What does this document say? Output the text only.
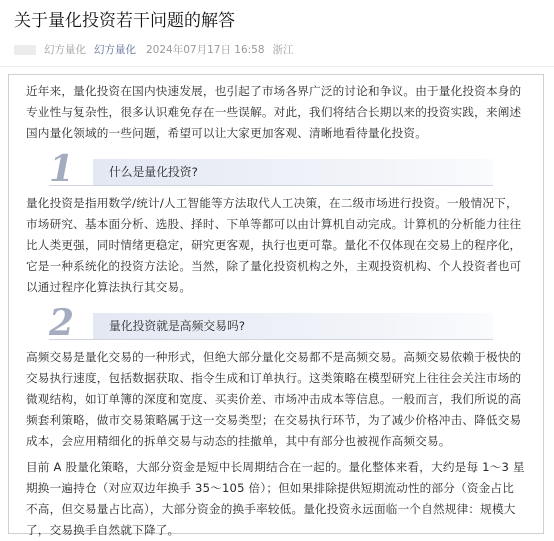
关于量化投资若干问题的解答
幻方量化 幻方量化 2024年07月17日 16:58 浙江

近年来，量化投资在国内快速发展，也引起了市场各界广泛的讨论和争议。由于量化投资本身的
专业性与复杂性，很多认识难免存在一些误解。对此，我们将结合长期以来的投资实践，来阐述
国内量化领域的一些问题，希望可以让大家更加客观、清晰地看待量化投资。

1	什么是量化投资?

量化投资是指用数学/统计/人工智能等方法取代人工决策，在二级市场进行投资。一般情况下，
市场研究、基本面分析、选股、择时、下单等都可以由计算机自动完成。计算机的分析能力往往
比人类更强，同时情绪更稳定，研究更客观，执行也更可靠。量化不仅体现在交易上的程序化，
它是一种系统化的投资方法论。当然，除了量化投资机构之外，主观投资机构、个人投资者也可
以通过程序化算法执行其交易。

2	量化投资就是高频交易吗?

高频交易是量化交易的一种形式，但绝大部分量化交易都不是高频交易。高频交易依赖于极快的
交易执行速度，包括数据获取、指令生成和订单执行。这类策略在模型研究上往往会关注市场的
微观结构，如订单簿的深度和宽度、买卖价差、市场冲击成本等信息。一般而言，我们所说的高
频套利策略，做市交易策略属于这一交易类型；在交易执行环节，为了减少价格冲击、降低交易
成本，会应用精细化的拆单交易与动态的挂撤单，其中有部分也被视作高频交易。

目前 A 股量化策略，大部分资金是短中长周期结合在一起的。量化整体来看，大约是每 1～3 星
期换一遍持仓（对应双边年换手 35～105 倍）；但如果排除提供短期流动性的部分（资金占比
不高，但交易量占比高），大部分资金的换手率较低。量化投资永远面临一个自然规律：规模大
了，交易换手自然就下降了。
